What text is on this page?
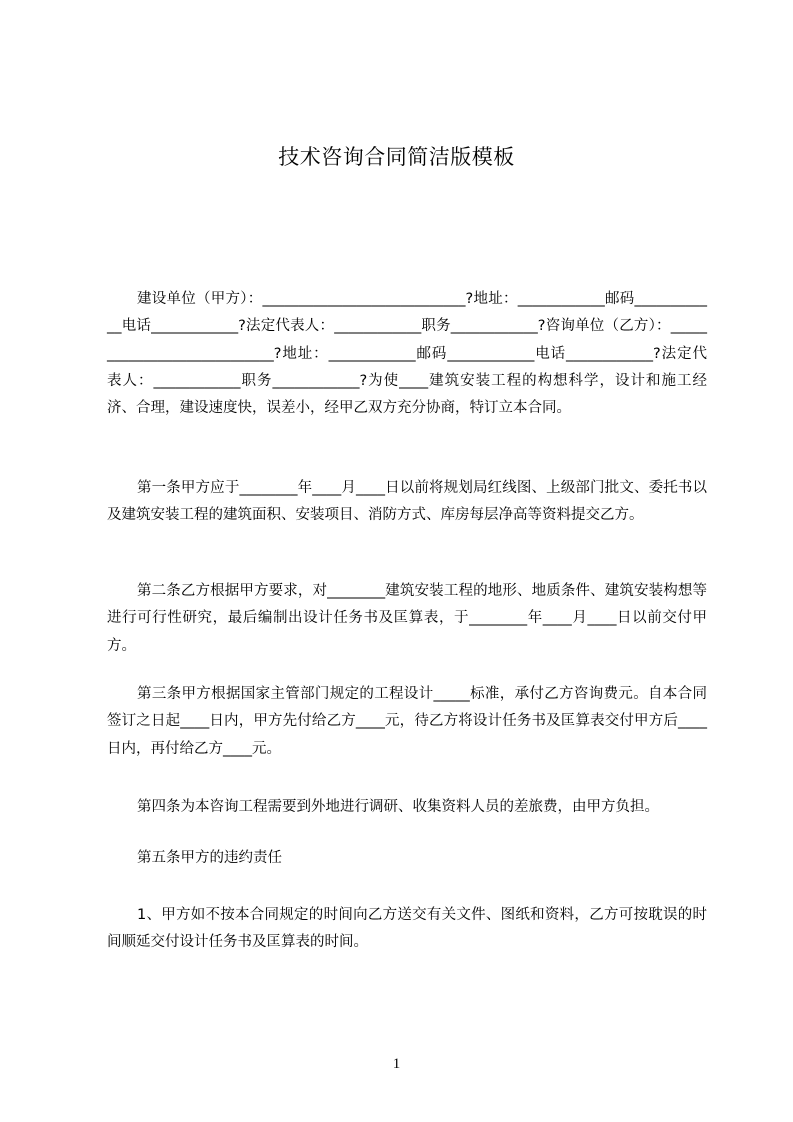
技术咨询合同简洁版模板

建设单位（甲方）：____________________________?地址：____________邮码____________电话____________?法定代表人：____________职务____________?咨询单位（乙方）：____________________________?地址：____________邮码____________电话____________?法定代表人：____________职务____________?为使____建筑安装工程的构想科学，设计和施工经济、合理，建设速度快，误差小，经甲乙双方充分协商，特订立本合同。

第一条甲方应于________年____月____日以前将规划局红线图、上级部门批文、委托书以及建筑安装工程的建筑面积、安装项目、消防方式、库房每层净高等资料提交乙方。

第二条乙方根据甲方要求，对________建筑安装工程的地形、地质条件、建筑安装构想等进行可行性研究，最后编制出设计任务书及匡算表，于________年____月____日以前交付甲方。

第三条甲方根据国家主管部门规定的工程设计_____标准，承付乙方咨询费元。自本合同签订之日起____日内，甲方先付给乙方____元，待乙方将设计任务书及匡算表交付甲方后____日内，再付给乙方____元。

第四条为本咨询工程需要到外地进行调研、收集资料人员的差旅费，由甲方负担。

第五条甲方的违约责任

1、甲方如不按本合同规定的时间向乙方送交有关文件、图纸和资料，乙方可按耽误的时间顺延交付设计任务书及匡算表的时间。

1
